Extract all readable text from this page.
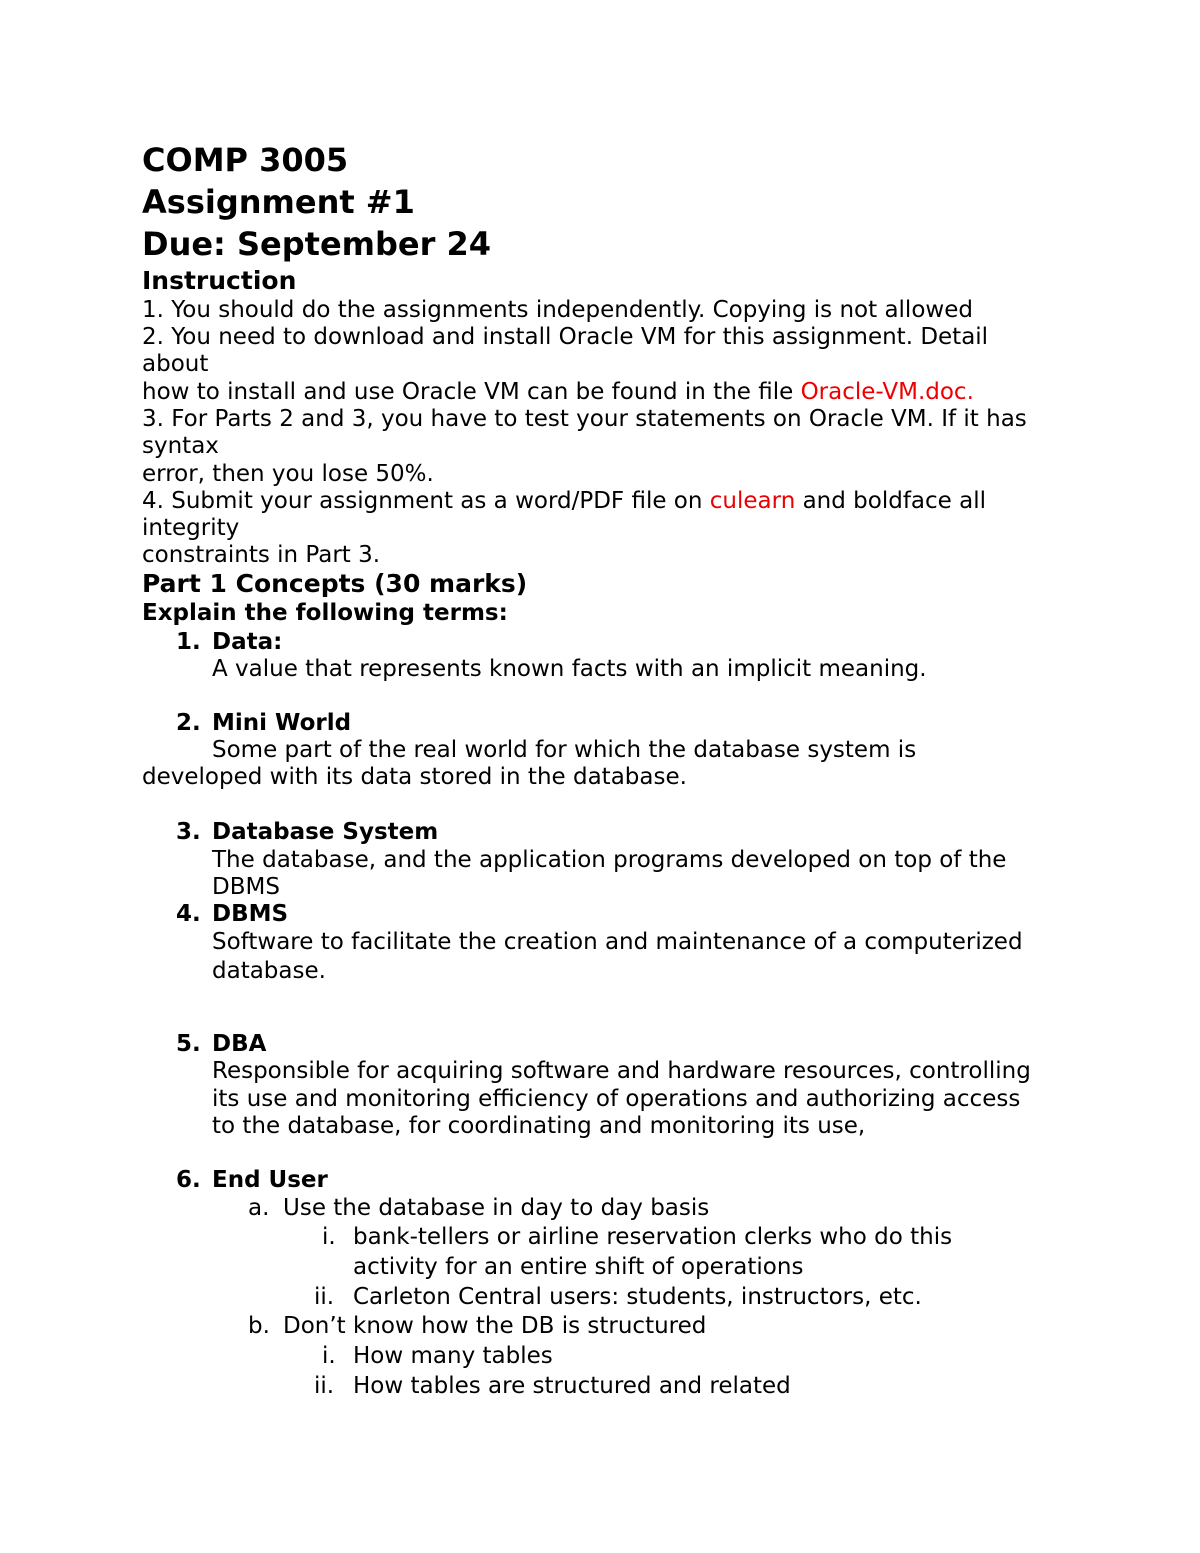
COMP 3005
Assignment #1
Due: September 24
Instruction
1. You should do the assignments independently. Copying is not allowed
2. You need to download and install Oracle VM for this assignment. Detail
about
how to install and use Oracle VM can be found in the file Oracle-VM.doc.
3. For Parts 2 and 3, you have to test your statements on Oracle VM. If it has
syntax
error, then you lose 50%.
4. Submit your assignment as a word/PDF file on culearn and boldface all
integrity
constraints in Part 3.
Part 1 Concepts (30 marks)
Explain the following terms:
1. Data:
A value that represents known facts with an implicit meaning.
2. Mini World
Some part of the real world for which the database system is
developed with its data stored in the database.
3. Database System
The database, and the application programs developed on top of the
DBMS
4. DBMS
Software to facilitate the creation and maintenance of a computerized
database.
5. DBA
Responsible for acquiring software and hardware resources, controlling
its use and monitoring efficiency of operations and authorizing access
to the database, for coordinating and monitoring its use,
6. End User
a. Use the database in day to day basis
i. bank-tellers or airline reservation clerks who do this
activity for an entire shift of operations
ii. Carleton Central users: students, instructors, etc.
b. Don’t know how the DB is structured
i. How many tables
ii. How tables are structured and related
